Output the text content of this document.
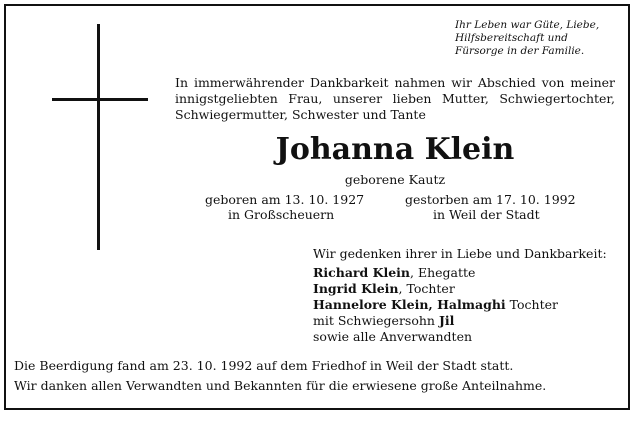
Ihr Leben war Güte, Liebe,
Hilfsbereitschaft und
Fürsorge in der Familie.
In immerwährender Dankbarkeit nahmen wir Abschied von meiner
innigstgeliebten Frau, unserer lieben Mutter, Schwiegertochter,
Schwiegermutter, Schwester und Tante
Johanna Klein
geborene Kautz
geboren am 13. 10. 1927
in Großscheuern
gestorben am 17. 10. 1992
in Weil der Stadt
Wir gedenken ihrer in Liebe und Dankbarkeit:
Richard Klein, Ehegatte
Ingrid Klein, Tochter
Hannelore Klein, Halmaghi Tochter
mit Schwiegersohn Jil
sowie alle Anverwandten
Die Beerdigung fand am 23. 10. 1992 auf dem Friedhof in Weil der Stadt statt.
Wir danken allen Verwandten und Bekannten für die erwiesene große Anteilnahme.
